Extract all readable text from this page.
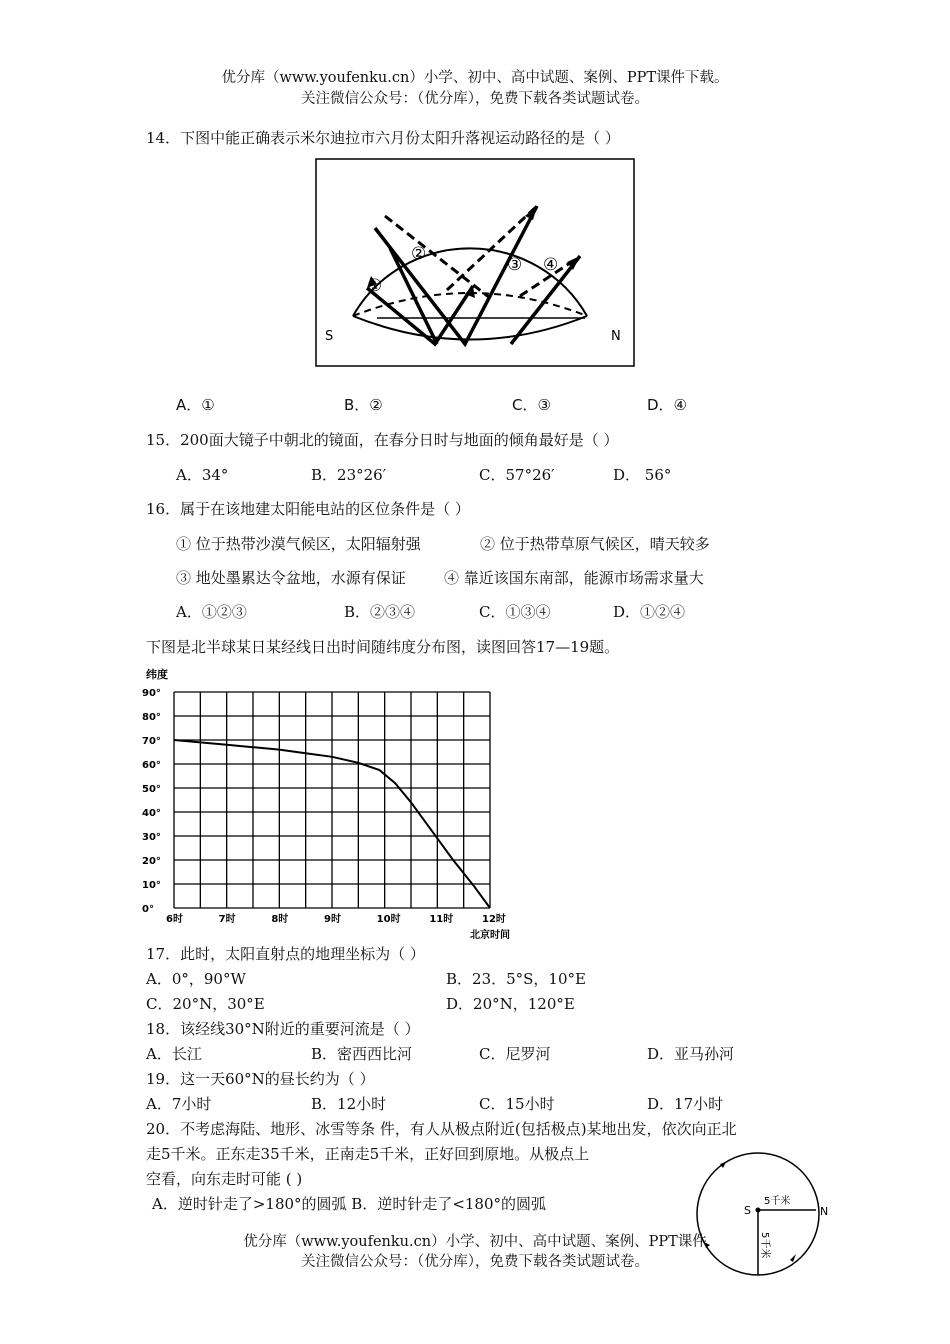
优分库（www.youfenku.cn）小学、初中、高中试题、案例、PPT课件下载。
关注微信公众号：（优分库），免费下载各类试题试卷。
14．下图中能正确表示米尔迪拉市六月份太阳升落视运动路径的是（ ）
S	N
①
②
③ ④
A．①	B．②	C．③	D．④
15．200面大镜子中朝北的镜面，在春分日时与地面的倾角最好是（ ）
A．34°	B．23°26′	C．57°26′	D． 56°
16．属于在该地建太阳能电站的区位条件是（ ）
① 位于热带沙漠气候区，太阳辐射强	② 位于热带草原气候区，晴天较多
③ 地处墨累达令盆地，水源有保证	④ 靠近该国东南部，能源市场需求量大
A．①②③	B．②③④	C．①③④	D．①②④
下图是北半球某日某经线日出时间随纬度分布图，读图回答17—19题。
0°
10°
20°
30°
40°
50°
60°
70°
80°
90°
6时	7时	8时	9时	10时	11时	12时
纬度
北京时间
17．此时，太阳直射点的地理坐标为（ ）
A．0°，90°W	B．23．5°S，10°E
C．20°N，30°E	D．20°N，120°E
18．该经线30°N附近的重要河流是（ ）
A．长江	B．密西西比河	C．尼罗河	D．亚马孙河
19．这一天60°N的昼长约为（ ）
A．7小时	B．12小时	C．15小时	D．17小时
20．不考虑海陆、地形、冰雪等条 件，有人从极点附近(包括极点)某地出发，依次向正北
走5千米。正东走35千米，正南走5千米，正好回到原地。从极点上
空看，向东走时可能 ( )
A．逆时针走了>180°的圆弧 B．逆时针走了<180°的圆弧	S	N
5千米
5千米
优分库（www.youfenku.cn）小学、初中、高中试题、案例、PPT课件
关注微信公众号：（优分库），免费下载各类试题试卷。
